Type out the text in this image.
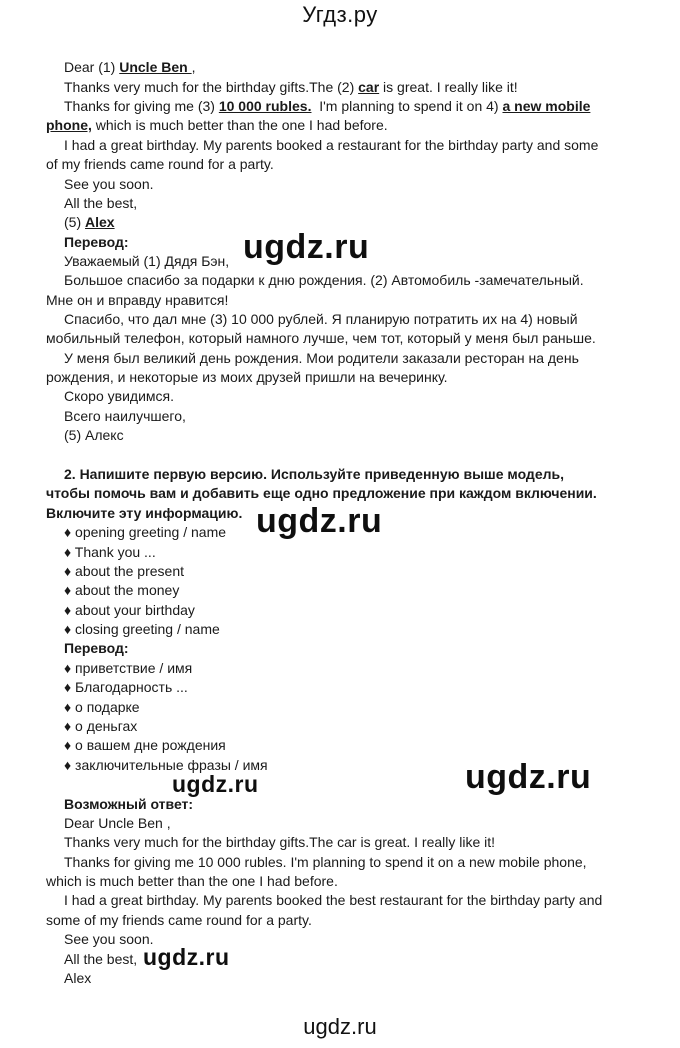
Угдз.ру
Dear (1) Uncle Ben ,
Thanks very much for the birthday gifts.The (2) car is great. I really like it!
Thanks for giving me (3) 10 000 rubles.  I'm planning to spend it on 4) a new mobile
phone, which is much better than the one I had before.
I had a great birthday. My parents booked a restaurant for the birthday party and some
of my friends came round for a party.
See you soon.
All the best,
(5) Alex
Перевод:
Уважаемый (1) Дядя Бэн,
Большое спасибо за подарки к дню рождения. (2) Автомобиль -замечательный.
Мне он и вправду нравится!
Спасибо, что дал мне (3) 10 000 рублей. Я планирую потратить их на 4) новый
мобильный телефон, который намного лучше, чем тот, который у меня был раньше.
У меня был великий день рождения. Мои родители заказали ресторан на день
рождения, и некоторые из моих друзей пришли на вечеринку.
Скоро увидимся.
Всего наилучшего,
(5) Алекс
2. Напишите первую версию. Используйте приведенную выше модель,
чтобы помочь вам и добавить еще одно предложение при каждом включении.
Включите эту информацию.
♦ opening greeting / name
♦ Thank you ...
♦ about the present
♦ about the money
♦ about your birthday
♦ closing greeting / name
Перевод:
♦ приветствие / имя
♦ Благодарность ...
♦ о подарке
♦ о деньгах
♦ о вашем дне рождения
♦ заключительные фразы / имя
Возможный ответ:
Dear Uncle Ben ,
Thanks very much for the birthday gifts.The car is great. I really like it!
Thanks for giving me 10 000 rubles. I'm planning to spend it on a new mobile phone,
which is much better than the one I had before.
I had a great birthday. My parents booked the best restaurant for the birthday party and
some of my friends came round for a party.
See you soon.
All the best,
Alex
ugdz.ru
ugdz.ru
ugdz.ru
ugdz.ru
ugdz.ru
ugdz.ru
